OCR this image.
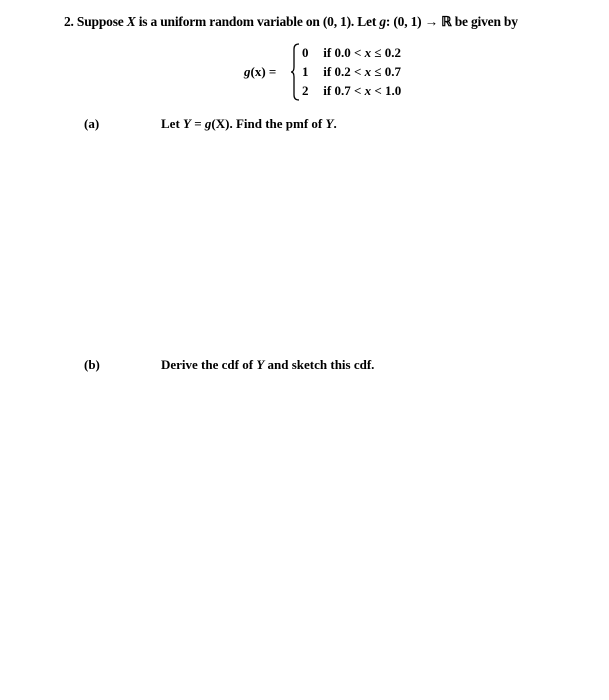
2. Suppose X is a uniform random variable on (0, 1). Let g: (0, 1) → ℝ be given by
g(x) =
0 if 0.0 < x ≤ 0.2
1 if 0.2 < x ≤ 0.7
2 if 0.7 < x < 1.0
(a)	Let Y = g(X). Find the pmf of Y.
(b)	Derive the cdf of Y and sketch this cdf.
